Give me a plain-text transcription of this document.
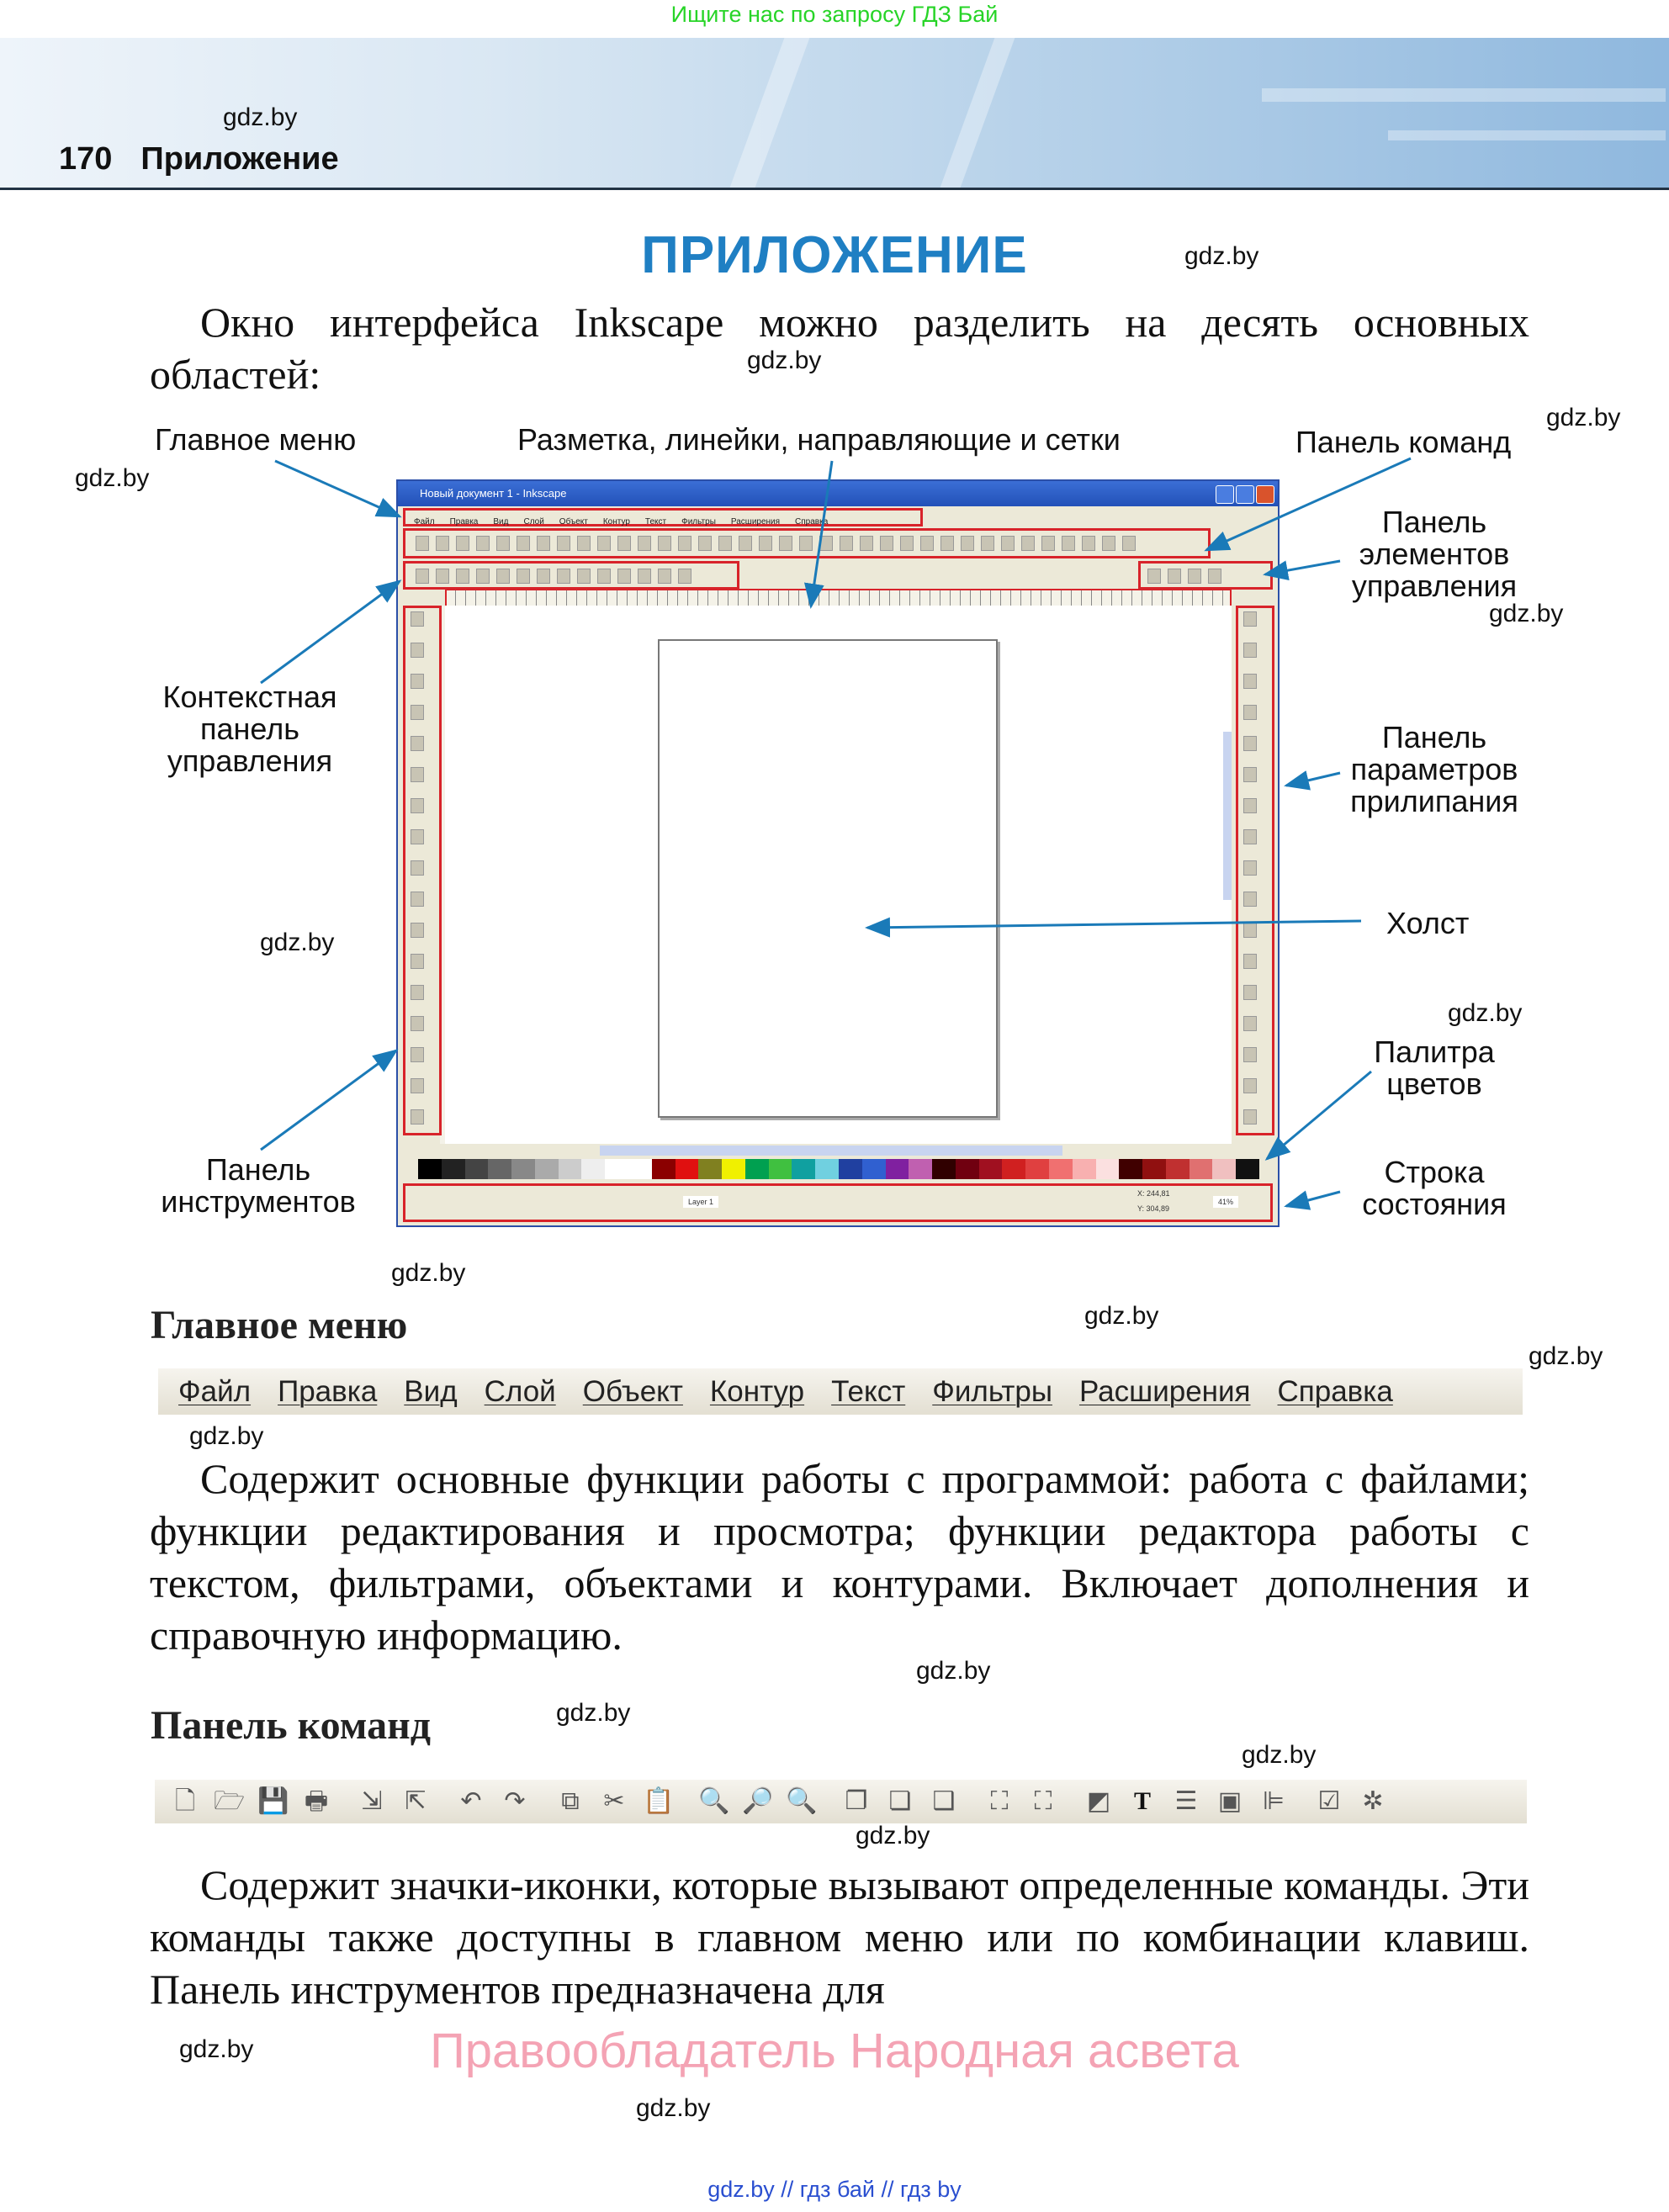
Ищите нас по запросу ГДЗ Бай
gdz.by
170 Приложение
ПРИЛОЖЕНИЕ	gdz.by
Окно интерфейса Inkscape можно разделить на десять основных областей:	gdz.by
Главное меню	Разметка, линейки, направляющие и сетки	Панель команд
Панель элементов управления
Контекстная панель управления
Панель параметров прилипания
Холст
Палитра цветов
Панель инструментов
Строка состояния
gdz.by
gdz.by
gdz.by
gdz.by
gdz.by
gdz.by
Новый документ 1 - Inkscape
Файл Правка Вид Слой Объект Контур Текст Фильтры Расширения Справка
Layer 1
X: 244,81
Y: 304,89
41%
Главное меню	gdz.by
gdz.by
Файл Правка Вид Слой Объект Контур Текст Фильтры Расширения Справка
gdz.by
Содержит основные функции работы с программой: работа с файлами; функции редактирования и просмотра; функции редактора работы с текстом, фильтрами, объектами и контурами. Включает дополнения и справочную информацию.
gdz.by
Панель команд	gdz.by
gdz.by
🗋 🗁 💾 🖶 ⇲ ⇱ ↶ ↷ ⧉ ✂ 📋 🔍 🔎 🔍 ❐ ❏ ❑ ⛶ ⛶ ◩ T ☰ ▣ ⊫ ☑ ✲
gdz.by
Содержит значки-иконки, которые вызывают определенные команды. Эти команды также доступны в главном меню или по комбинации клавиш. Панель инструментов предназначена для
gdz.by	Правообладатель Народная асвета
gdz.by
gdz.by // гдз бай // гдз by
